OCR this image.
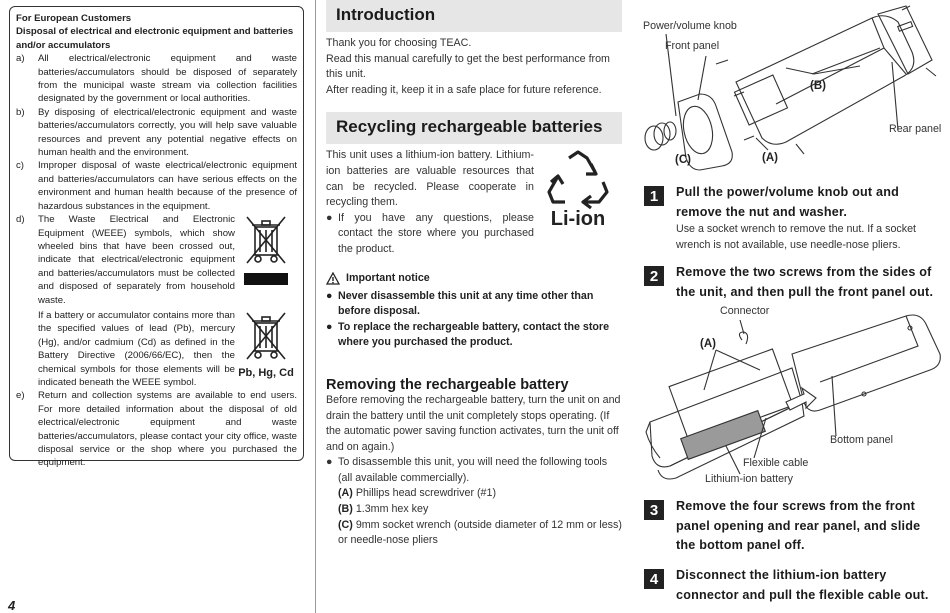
For European Customers
Disposal of electrical and electronic equipment and batteries and/or accumulators
a)	All electrical/electronic equipment and waste batteries/accumulators should be disposed of separately from the municipal waste stream via collection facilities designated by the government or local authorities.
b)	By disposing of electrical/electronic equipment and waste batteries/accumulators correctly, you will help save valuable resources and prevent any potential negative effects on human health and the environment.
c)	Improper disposal of waste electrical/electronic equipment and batteries/accumulators can have serious effects on the environment and human health because of the presence of hazardous substances in the equipment.
d)	The Waste Electrical and Electronic Equipment (WEEE) symbols, which show wheeled bins that have been crossed out, indicate that electrical/electronic equipment and batteries/accumulators must be collected and disposed of separately from household waste.
If a battery or accumulator contains more than the specified values of lead (Pb), mercury (Hg), and/or cadmium (Cd) as defined in the Battery Directive (2006/66/EC), then the chemical symbols for those elements will be indicated beneath the WEEE symbol.
Pb, Hg, Cd
e)	Return and collection systems are available to end users. For more detailed information about the disposal of old electrical/electronic equipment and waste batteries/accumulators, please contact your city office, waste disposal service or the shop where you purchased the equipment.
Introduction
Thank you for choosing TEAC.
Read this manual carefully to get the best performance from this unit.
After reading it, keep it in a safe place for future reference.
Recycling rechargeable batteries
This unit uses a lithium-ion battery. Lithium-ion batteries are valuable resources that can be recycled. Please cooperate in recycling them.
● If you have any questions, please contact the store where you purchased the product.
Li-ion
Important notice
● Never disassemble this unit at any time other than before disposal.
● To replace the rechargeable battery, contact the store where you purchased the product.
Removing the rechargeable battery
Before removing the rechargeable battery, turn the unit on and drain the battery until the unit completely stops operating. (If the automatic power saving function activates, turn the unit off and on again.)
● To disassemble this unit, you will need the following tools (all available commercially).
(A) Phillips head screwdriver (#1)
(B) 1.3mm hex key
(C) 9mm socket wrench (outside diameter of 12 mm or less) or needle-nose pliers
Power/volume knob
Front panel
Rear panel
(B)
(A)
(C)
1	Pull the power/volume knob out and remove the nut and washer.
Use a socket wrench to remove the nut. If a socket wrench is not available, use needle-nose pliers.
2	Remove the two screws from the sides of the unit, and then pull the front panel out.
Connector
(A)
Bottom panel
Flexible cable
Lithium-ion battery
3	Remove the four screws from the front panel opening and rear panel, and slide the bottom panel off.
4	Disconnect the lithium-ion battery connector and pull the flexible cable out.
4
